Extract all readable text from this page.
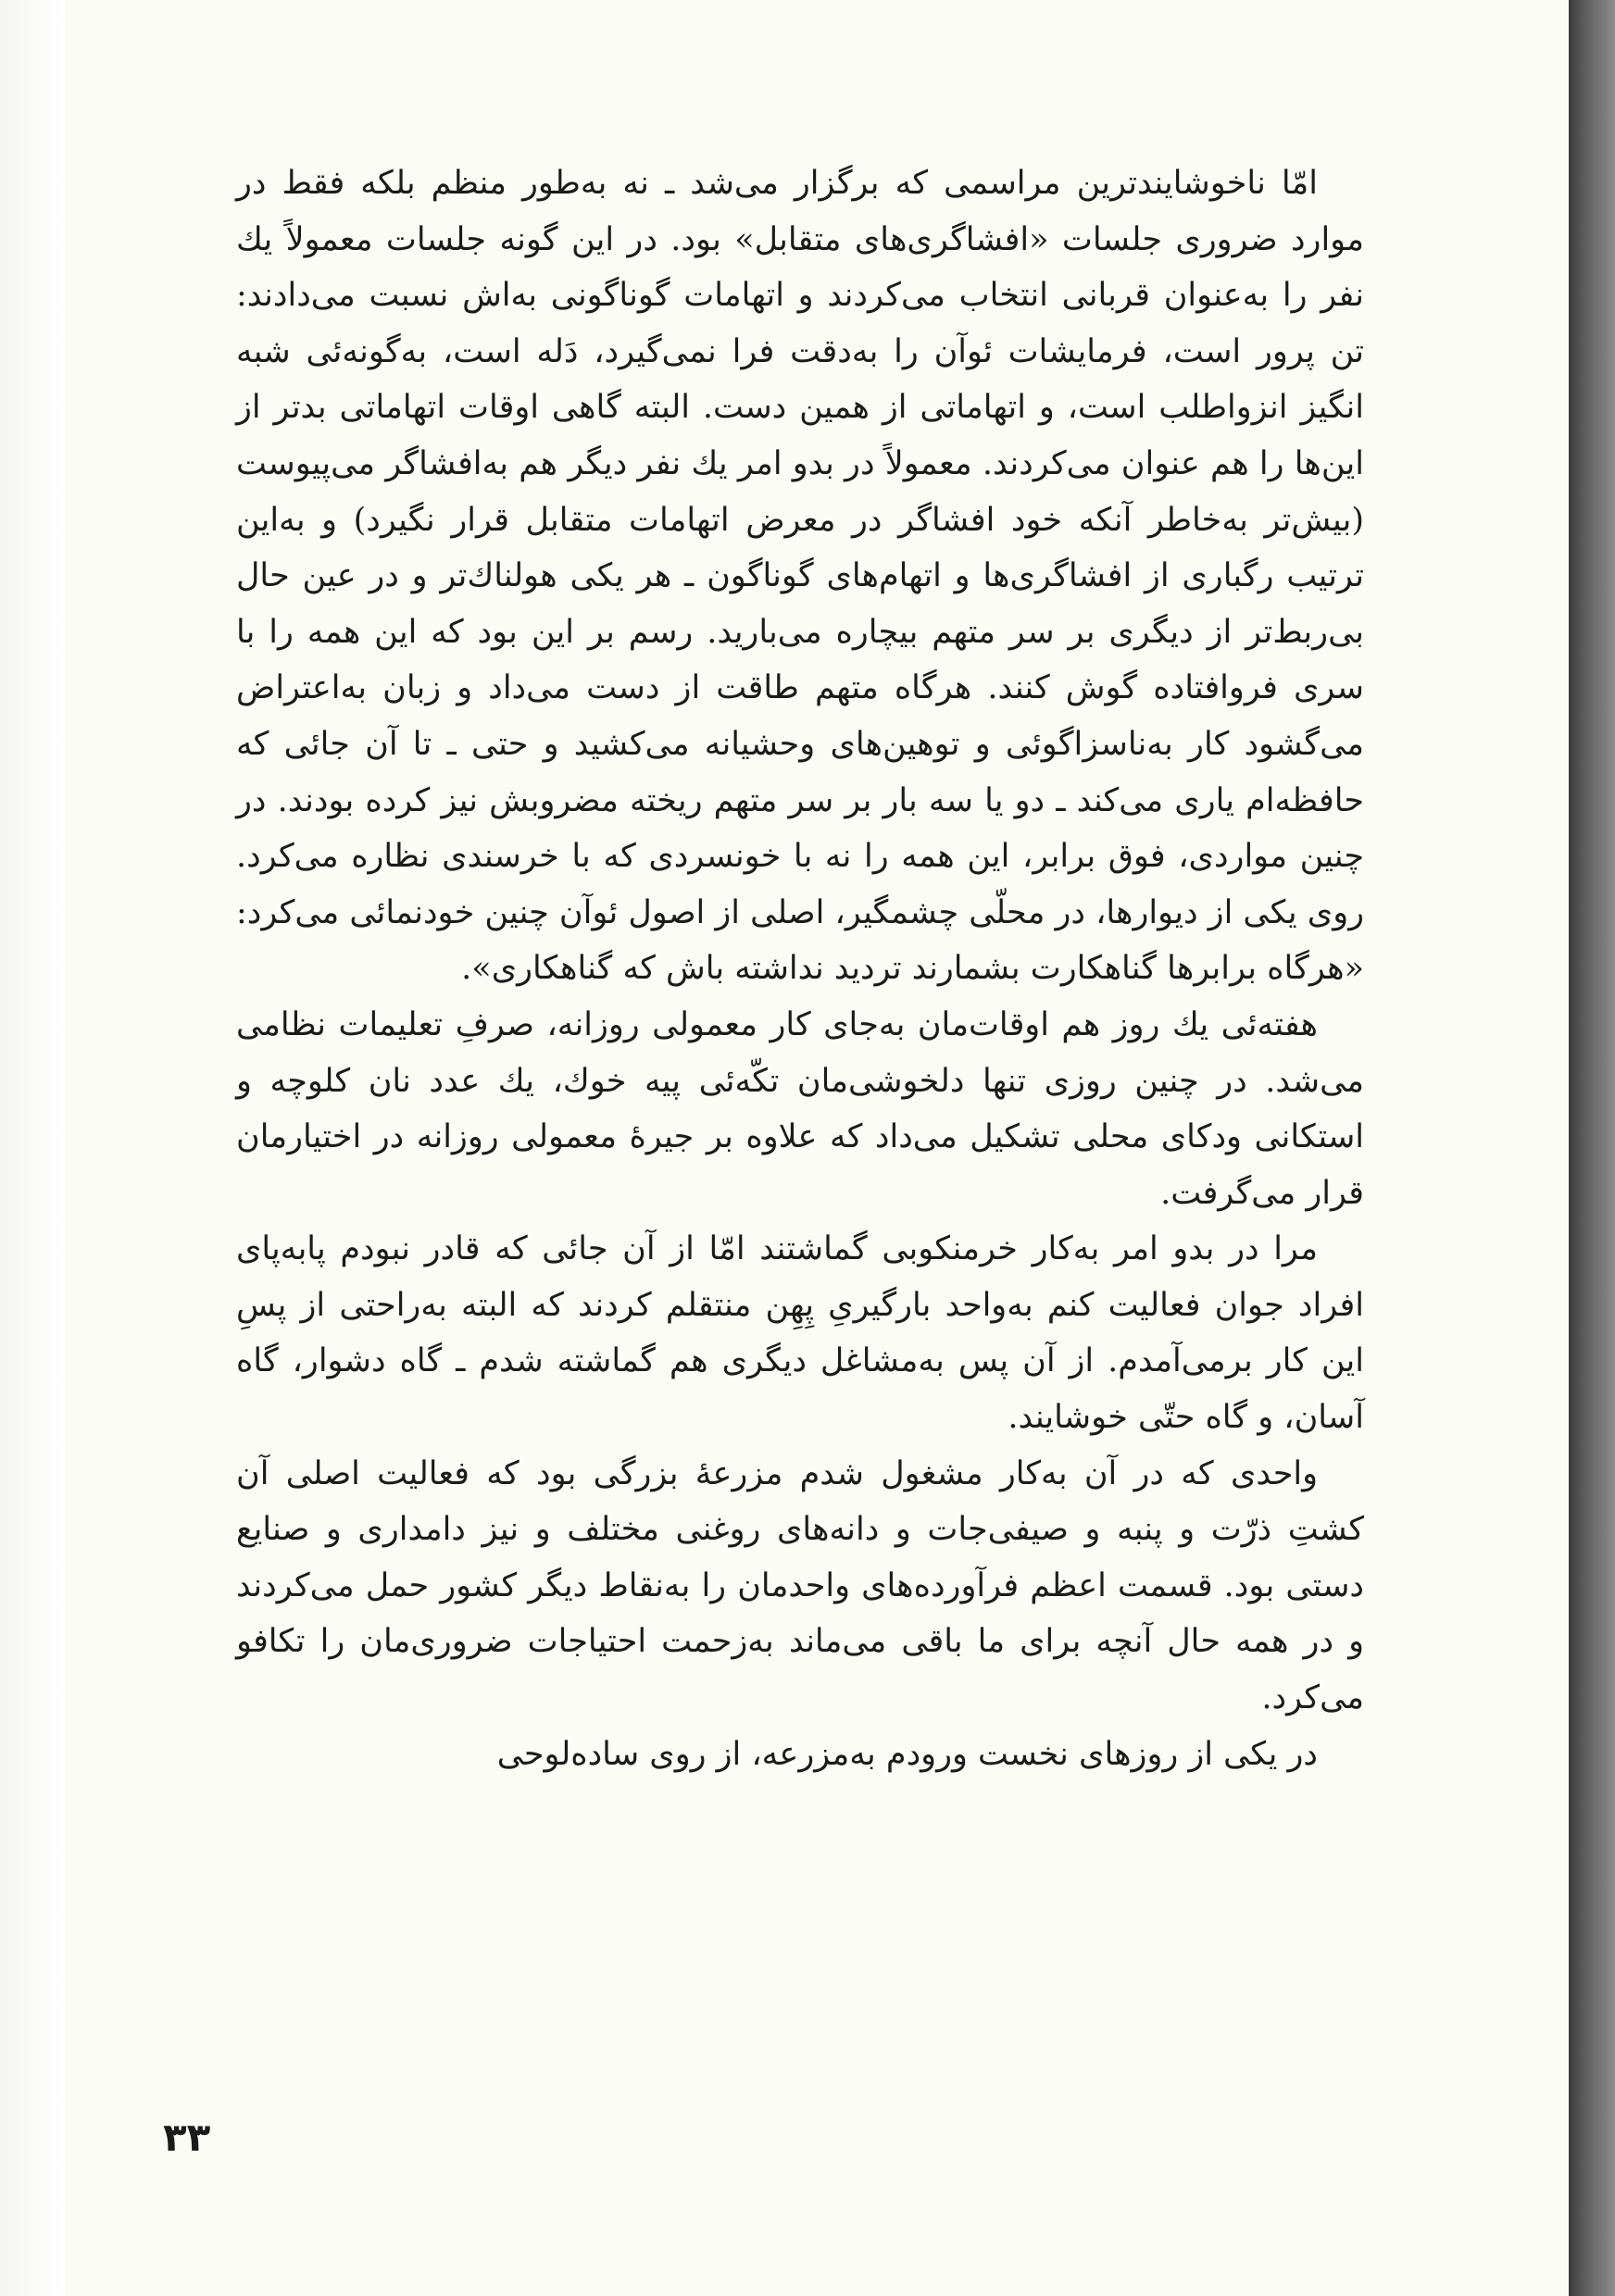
امّا ناخوشایندترین مراسمی که برگزار می‌شد ـ نه به‌طور منظم بلکه فقط در موارد ضروری جلسات «افشاگری‌های متقابل» بود. در این گونه جلسات معمولاً یك نفر را به‌عنوان قربانی انتخاب می‌کردند و اتهامات گوناگونی به‌اش نسبت می‌دادند: تن پرور است، فرمایشات ئوآن را به‌دقت فرا نمی‌گیرد، دَله است، به‌گونه‌ئی شبه انگیز انزواطلب است، و اتهاماتی از همین دست. البته گاهی اوقات اتهاماتی بدتر از این‌ها را هم عنوان می‌کردند. معمولاً در بدو امر یك نفر دیگر هم به‌افشاگر می‌پیوست (بیش‌تر به‌خاطر آنکه خود افشاگر در معرض اتهامات متقابل قرار نگیرد) و به‌این ترتیب رگباری از افشاگری‌ها و اتهام‌های گوناگون ـ هر یکی هولناك‌تر و در عین حال بی‌ربط‌تر از دیگری بر سر متهم بیچاره می‌بارید. رسم بر این بود که این همه را با سری فروافتاده گوش کنند. هرگاه متهم طاقت از دست می‌داد و زبان به‌اعتراض می‌گشود کار به‌ناسزاگوئی و توهین‌های وحشیانه می‌کشید و حتی ـ تا آن جائی که حافظه‌ام یاری می‌کند ـ دو یا سه بار بر سر متهم ریخته مضروبش نیز کرده بودند. در چنین مواردی، فوق برابر، این همه را نه با خونسردی که با خرسندی نظاره می‌کرد. روی یکی از دیوارها، در محلّی چشمگیر، اصلی از اصول ئوآن چنین خودنمائی می‌کرد: «هرگاه برابرها گناهکارت بشمارند تردید نداشته باش که گناهکاری».

هفته‌ئی یك روز هم اوقات‌مان به‌جای کار معمولی روزانه، صرفِ تعلیمات نظامی می‌شد. در چنین روزی تنها دلخوشی‌مان تکّه‌ئی پیه خوك، یك عدد نان کلوچه و استکانی ودکای محلی تشکیل می‌داد که علاوه بر جیرهٔ معمولی روزانه در اختیارمان قرار می‌گرفت.

مرا در بدو امر به‌کار خرمنکوبی گماشتند امّا از آن جائی که قادر نبودم پابه‌پای افراد جوان فعالیت کنم به‌واحد بارگیریِ پِهِن منتقلم کردند که البته به‌راحتی از پسِ این کار برمی‌آمدم. از آن پس به‌مشاغل دیگری هم گماشته شدم ـ گاه دشوار، گاه آسان، و گاه حتّی خوشایند.

واحدی که در آن به‌کار مشغول شدم مزرعهٔ بزرگی بود که فعالیت اصلی آن کشتِ ذرّت و پنبه و صیفی‌جات و دانه‌های روغنی مختلف و نیز دامداری و صنایع دستی بود. قسمت اعظم فرآورده‌های واحدمان را به‌نقاط دیگر کشور حمل می‌کردند و در همه حال آنچه برای ما باقی می‌ماند به‌زحمت احتیاجات ضروری‌مان را تکافو می‌کرد.

در یکی از روزهای نخست ورودم به‌مزرعه، از روی ساده‌لوحی

۳۳
